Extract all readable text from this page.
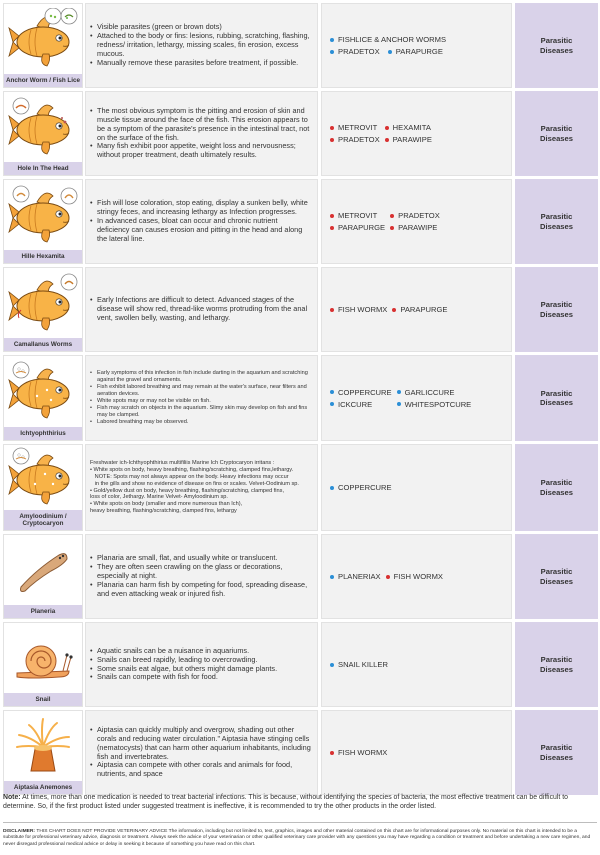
Anchor Worm / Fish Lice
• Visible parasites (green or brown dots)
• Attached to the body or fins: lesions, rubbing, scratching, flashing, redness/ irritation, lethargy, missing scales, fin erosion, excess mucous.
• Manually remove these parasites before treatment, if possible.
FISHLICE & ANCHOR WORMS
PRADETOX PARAPURGE
Parasitic Diseases
Hole In The Head
• The most obvious symptom is the pitting and erosion of skin and muscle tissue around the face of the fish. This erosion appears to be a symptom of the parasite's presence in the intestinal tract, not on the surface of the fish.
• Many fish exhibit poor appetite, weight loss and nervousness; without proper treatment, death ultimately results.
METROVIT HEXAMITA
PRADETOX PARAWIPE
Parasitic Diseases
Hille Hexamita
• Fish will lose coloration, stop eating, display a sunken belly, white stringy feces, and increasing lethargy as Infection progresses.
• In advanced cases, bloat can occur and chronic nutrient deficiency can causes erosion and pitting in the head and along the lateral line.
METROVIT	PRADETOX
PARAPURGE PARAWIPE
Parasitic Diseases
Camallanus Worms
• Early Infections are difficult to detect. Advanced stages of the disease will show red, thread-like worms protruding from the anal vent, swollen belly, wasting, and lethargy.
FISH WORMX PARAPURGE
Parasitic Diseases
Ichtyophthirius
• Early symptoms of this infection in fish include darting in the aquarium and scratching against the gravel and ornaments.
• Fish exhibit labored breathing and may remain at the water's surface, near filters and aeration devices.
• White spots may or may not be visible on fish.
• Fish may scratch on objects in the aquarium. Slimy skin may develop on fish and fins may be clamped.
• Labored breathing may be observed.
COPPERCURE GARLICCURE
ICKCURE	WHITESPOTCURE
Parasitic Diseases
Amyloodinium / Cryptocaryon
Freshwater ich-Ichthyophthirius multifiliis Marine Ich Cryptocaryon irritans :
• White spots on body, heavy breathing, flashing/scratching, clamped fins,lethargy.
NOTE: Spots may not always appear on the body. Heavy infections may occur
in the gills and show no evidence of disease on fins or scales. Velvet-Oodinium sp.
• Gold/yellow dust on body, heavy breathing, flashing/scratching, clamped fins,
loss of color, Jethargy. Marine Velvet- Amyloodinium sp.
• White spots on body (smaller and more numerous than Ich),
heavy breathing, flashing/scratching, clamped fins, lethargy
COPPERCURE
Parasitic Diseases
Planeria
• Planaria are small, flat, and usually white or translucent.
• They are often seen crawling on the glass or decorations, especially at night.
• Planaria can harm fish by competing for food, spreading disease, and even attacking weak or injured fish.
PLANERIAX FISH WORMX
Parasitic Diseases
Snail
• Aquatic snails can be a nuisance in aquariums.
• Snails can breed rapidly, leading to overcrowding.
• Some snails eat algae, but others might damage plants.
• Snails can compete with fish for food.
SNAIL KILLER
Parasitic Diseases
Aiptasia Anemones
• Aiptasia can quickly multiply and overgrow, shading out other corals and reducing water circulation." Aiptasia have stinging cells (nematocysts) that can harm other aquarium inhabitants, including fish and invertebrates.
• Aiptasia can compete with other corals and animals for food, nutrients, and space
FISH WORMX
Parasitic Diseases
Note: At times, more than one medication is needed to treat bacterial infections. This is because, without identifying the species of bacteria, the most effective treatment can be difficult to determine. So, if the first product listed under suggested treatment is ineffective, it is recommended to try the other products in the order listed.
DISCLAIMER: THIS CHART DOES NOT PROVIDE VETERINARY ADVICE The information, including but not limited to, text, graphics, images and other material contained on this chart are for informational purposes only. No material on this chart is intended to be a substitute for professional veterinary advice, diagnosis or treatment. Always seek the advice of your veterinarian or other qualified veterinary care provider with any questions you may have regarding a condition or treatment and before undertaking a new care regimen, and never disregard professional medical advice or delay in seeking it because of something you have read on this chart.
